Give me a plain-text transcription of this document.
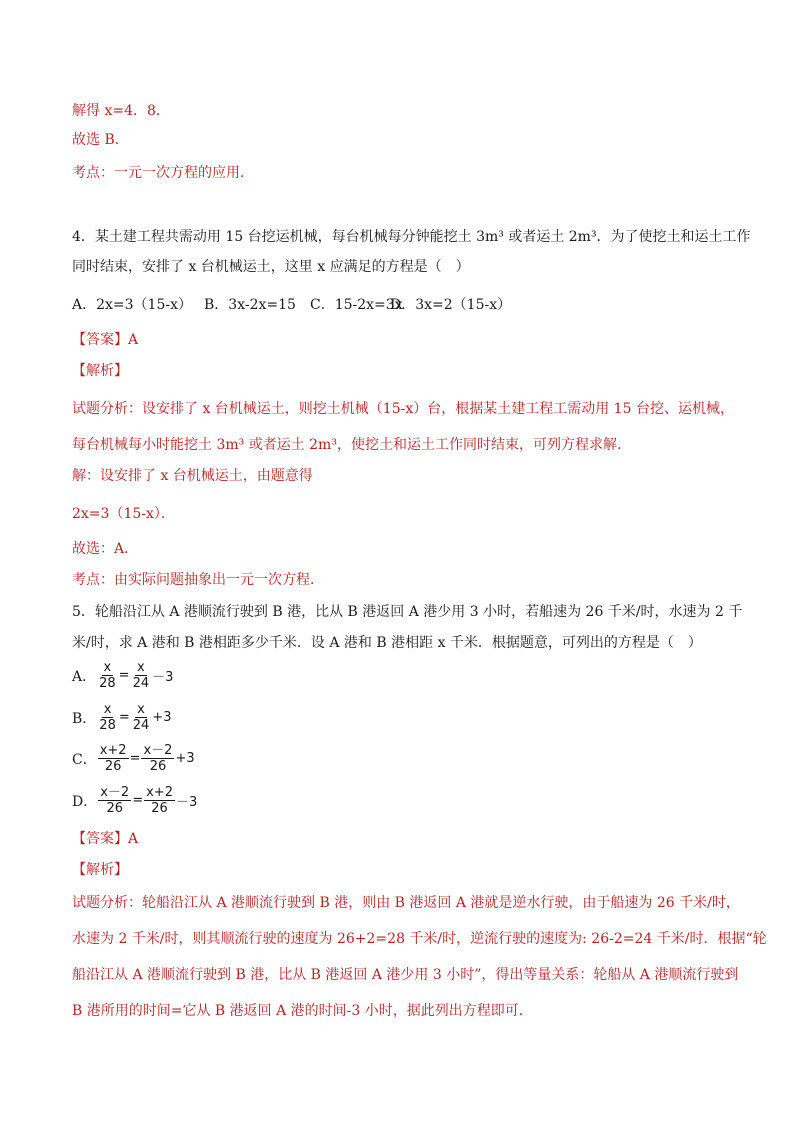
解得 x=4．8．
故选 B．
考点：一元一次方程的应用．
4．某土建工程共需动用 15 台挖运机械，每台机械每分钟能挖土 3m³ 或者运土 2m³．为了使挖土和运土工作
同时结束，安排了 x 台机械运土，这里 x 应满足的方程是（　）
A．2x=3（15-x） B．3x-2x=15 C．15-2x=3xD．3x=2（15-x）
【答案】A
【解析】
试题分析：设安排了 x 台机械运土，则挖土机械（15-x）台，根据某土建工程工需动用 15 台挖、运机械，
每台机械每小时能挖土 3m³ 或者运土 2m³，使挖土和运土工作同时结束，可列方程求解．
解：设安排了 x 台机械运土，由题意得
2x=3（15-x）．
故选：A．
考点：由实际问题抽象出一元一次方程．
5．轮船沿江从 A 港顺流行驶到 B 港，比从 B 港返回 A 港少用 3 小时，若船速为 26 千米/时，水速为 2 千
米/时，求 A 港和 B 港相距多少千米．设 A 港和 B 港相距 x 千米．根据题意，可列出的方程是（　）
A． $\frac{x}{28} = \frac{x}{24} -3$
B． $\frac{x}{28} = \frac{x}{24} +3$
C． $\frac{x+2}{26} = \frac{x-2}{26} +3$
D． $\frac{x-2}{26} = \frac{x+2}{26} -3$
【答案】A
【解析】
试题分析：轮船沿江从 A 港顺流行驶到 B 港，则由 B 港返回 A 港就是逆水行驶，由于船速为 26 千米/时，
水速为 2 千米/时，则其顺流行驶的速度为 26+2=28 千米/时，逆流行驶的速度为: 26-2=24 千米/时．根据“轮
船沿江从 A 港顺流行驶到 B 港，比从 B 港返回 A 港少用 3 小时”，得出等量关系：轮船从 A 港顺流行驶到
B 港所用的时间=它从 B 港返回 A 港的时间-3 小时，据此列出方程即可．
